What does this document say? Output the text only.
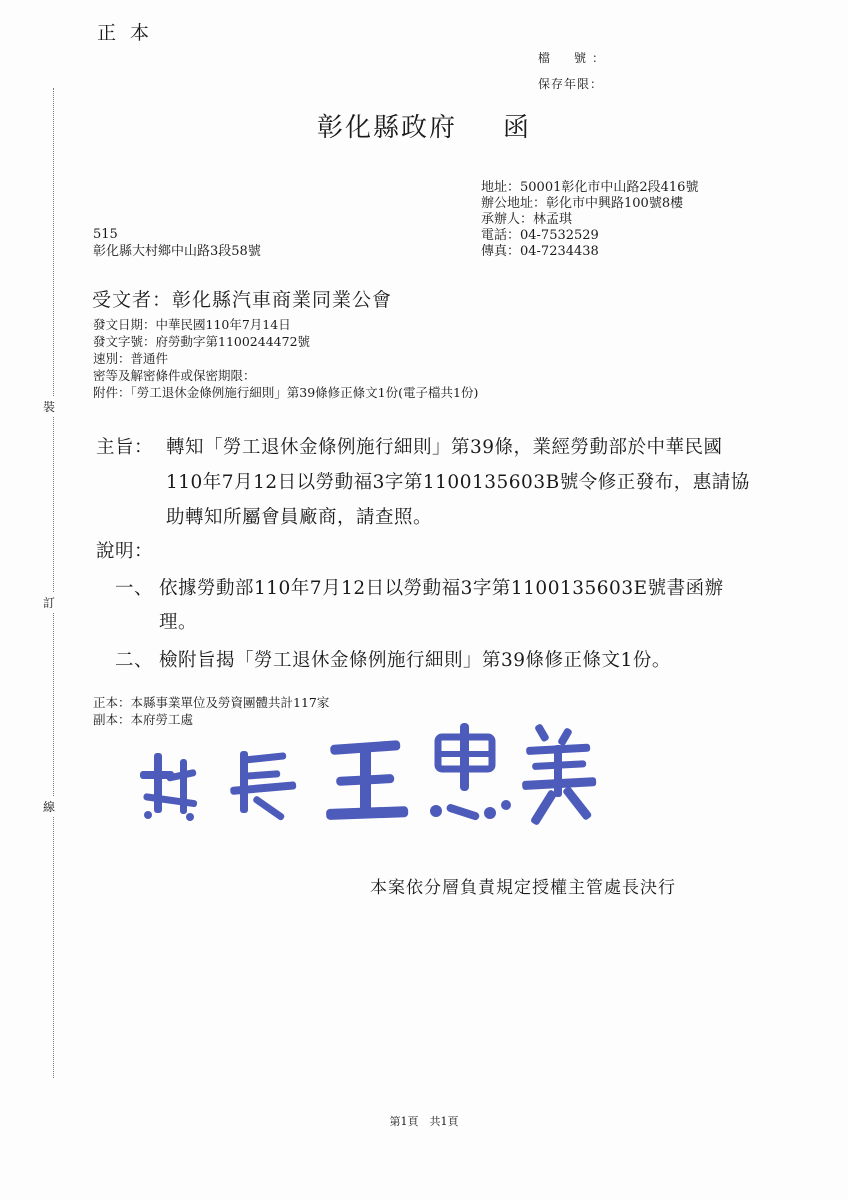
裝
訂
線
正本
檔　號：
保存年限：
彰化縣政府 函
地址：50001彰化市中山路2段416號
辦公地址：彰化市中興路100號8樓
承辦人：林孟琪
電話：04-7532529
傳真：04-7234438
515
彰化縣大村鄉中山路3段58號
受文者：彰化縣汽車商業同業公會
發文日期：中華民國110年7月14日
發文字號：府勞動字第1100244472號
速別：普通件
密等及解密條件或保密期限：
附件：「勞工退休金條例施行細則」第39條修正條文1份(電子檔共1份)
主旨： 轉知「勞工退休金條例施行細則」第39條，業經勞動部於中華民國110年7月12日以勞動福3字第1100135603B號令修正發布，惠請協助轉知所屬會員廠商，請查照。
說明：
一、 依據勞動部110年7月12日以勞動福3字第1100135603E號書函辦理。
二、 檢附旨揭「勞工退休金條例施行細則」第39條修正條文1份。
正本：本縣事業單位及勞資團體共計117家
副本：本府勞工處
本案依分層負責規定授權主管處長決行
第1頁　共1頁
